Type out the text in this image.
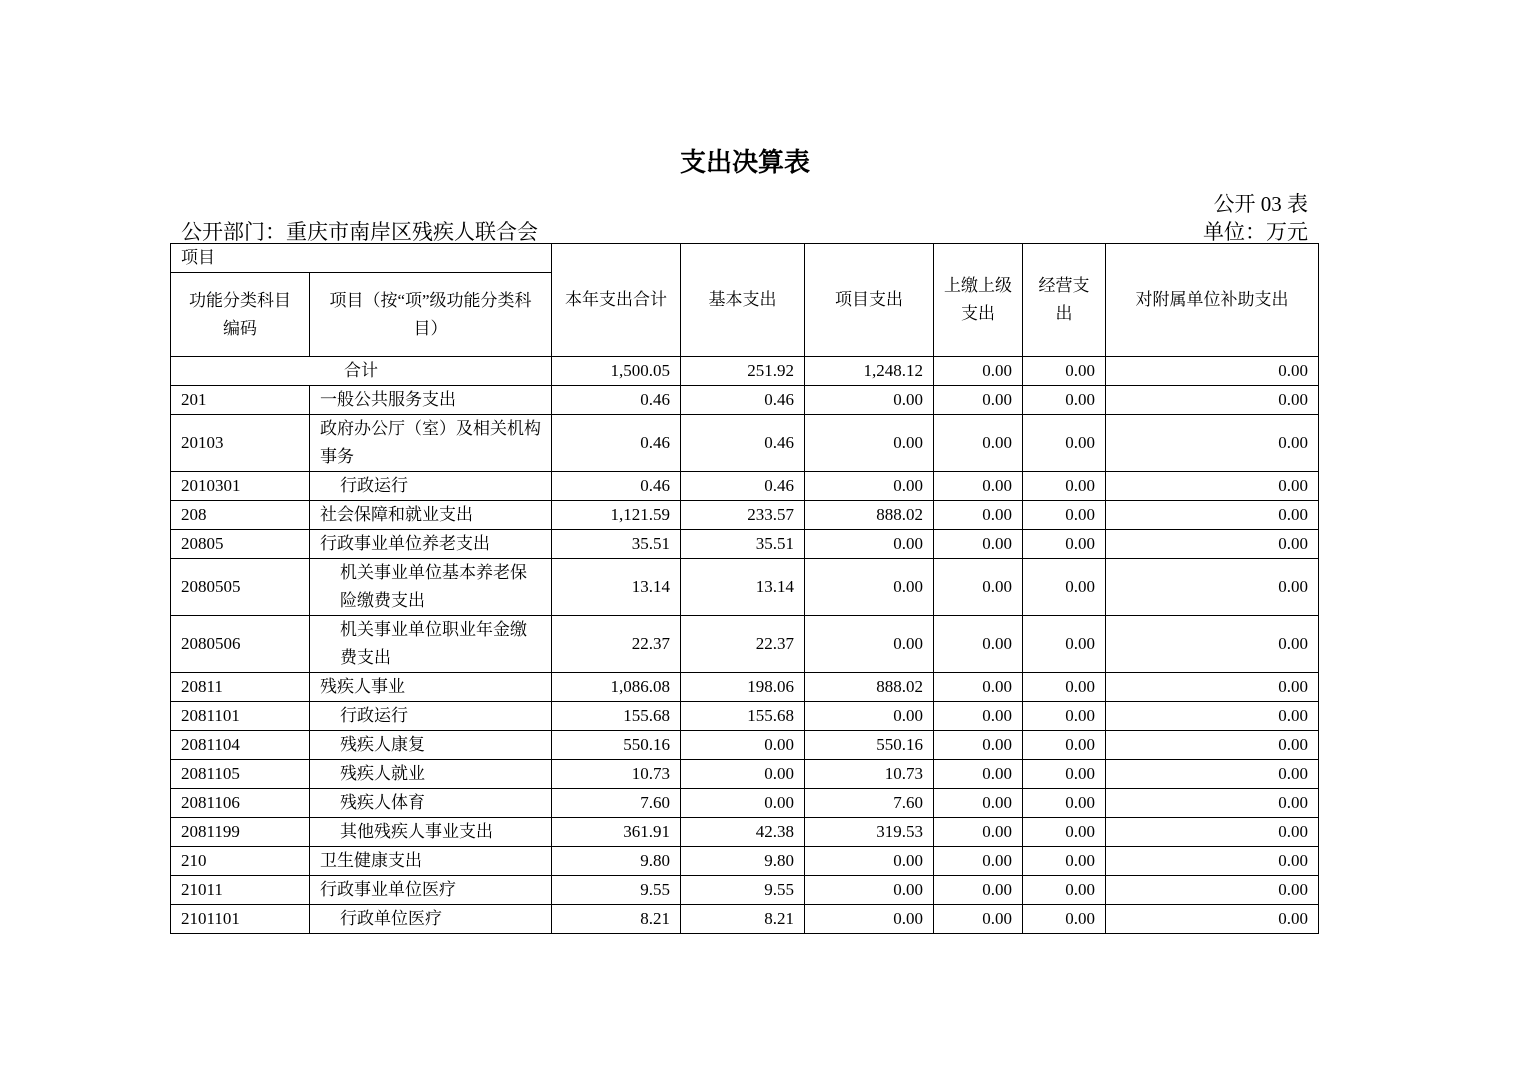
支出决算表
公开 03 表
公开部门：重庆市南岸区残疾人联合会	单位：万元
项目		本年支出合计	基本支出	项目支出	上缴上级支出	经营支出	对附属单位补助支出
功能分类科目编码	项目（按“项”级功能分类科目）						
合计		1,500.05	251.92	1,248.12	0.00	0.00	0.00
201	一般公共服务支出	0.46	0.46	0.00	0.00	0.00	0.00
20103	政府办公厅（室）及相关机构事务	0.46	0.46	0.00	0.00	0.00	0.00
2010301	行政运行	0.46	0.46	0.00	0.00	0.00	0.00
208	社会保障和就业支出	1,121.59	233.57	888.02	0.00	0.00	0.00
20805	行政事业单位养老支出	35.51	35.51	0.00	0.00	0.00	0.00
2080505	机关事业单位基本养老保险缴费支出	13.14	13.14	0.00	0.00	0.00	0.00
2080506	机关事业单位职业年金缴费支出	22.37	22.37	0.00	0.00	0.00	0.00
20811	残疾人事业	1,086.08	198.06	888.02	0.00	0.00	0.00
2081101	行政运行	155.68	155.68	0.00	0.00	0.00	0.00
2081104	残疾人康复	550.16	0.00	550.16	0.00	0.00	0.00
2081105	残疾人就业	10.73	0.00	10.73	0.00	0.00	0.00
2081106	残疾人体育	7.60	0.00	7.60	0.00	0.00	0.00
2081199	其他残疾人事业支出	361.91	42.38	319.53	0.00	0.00	0.00
210	卫生健康支出	9.80	9.80	0.00	0.00	0.00	0.00
21011	行政事业单位医疗	9.55	9.55	0.00	0.00	0.00	0.00
2101101	行政单位医疗	8.21	8.21	0.00	0.00	0.00	0.00
